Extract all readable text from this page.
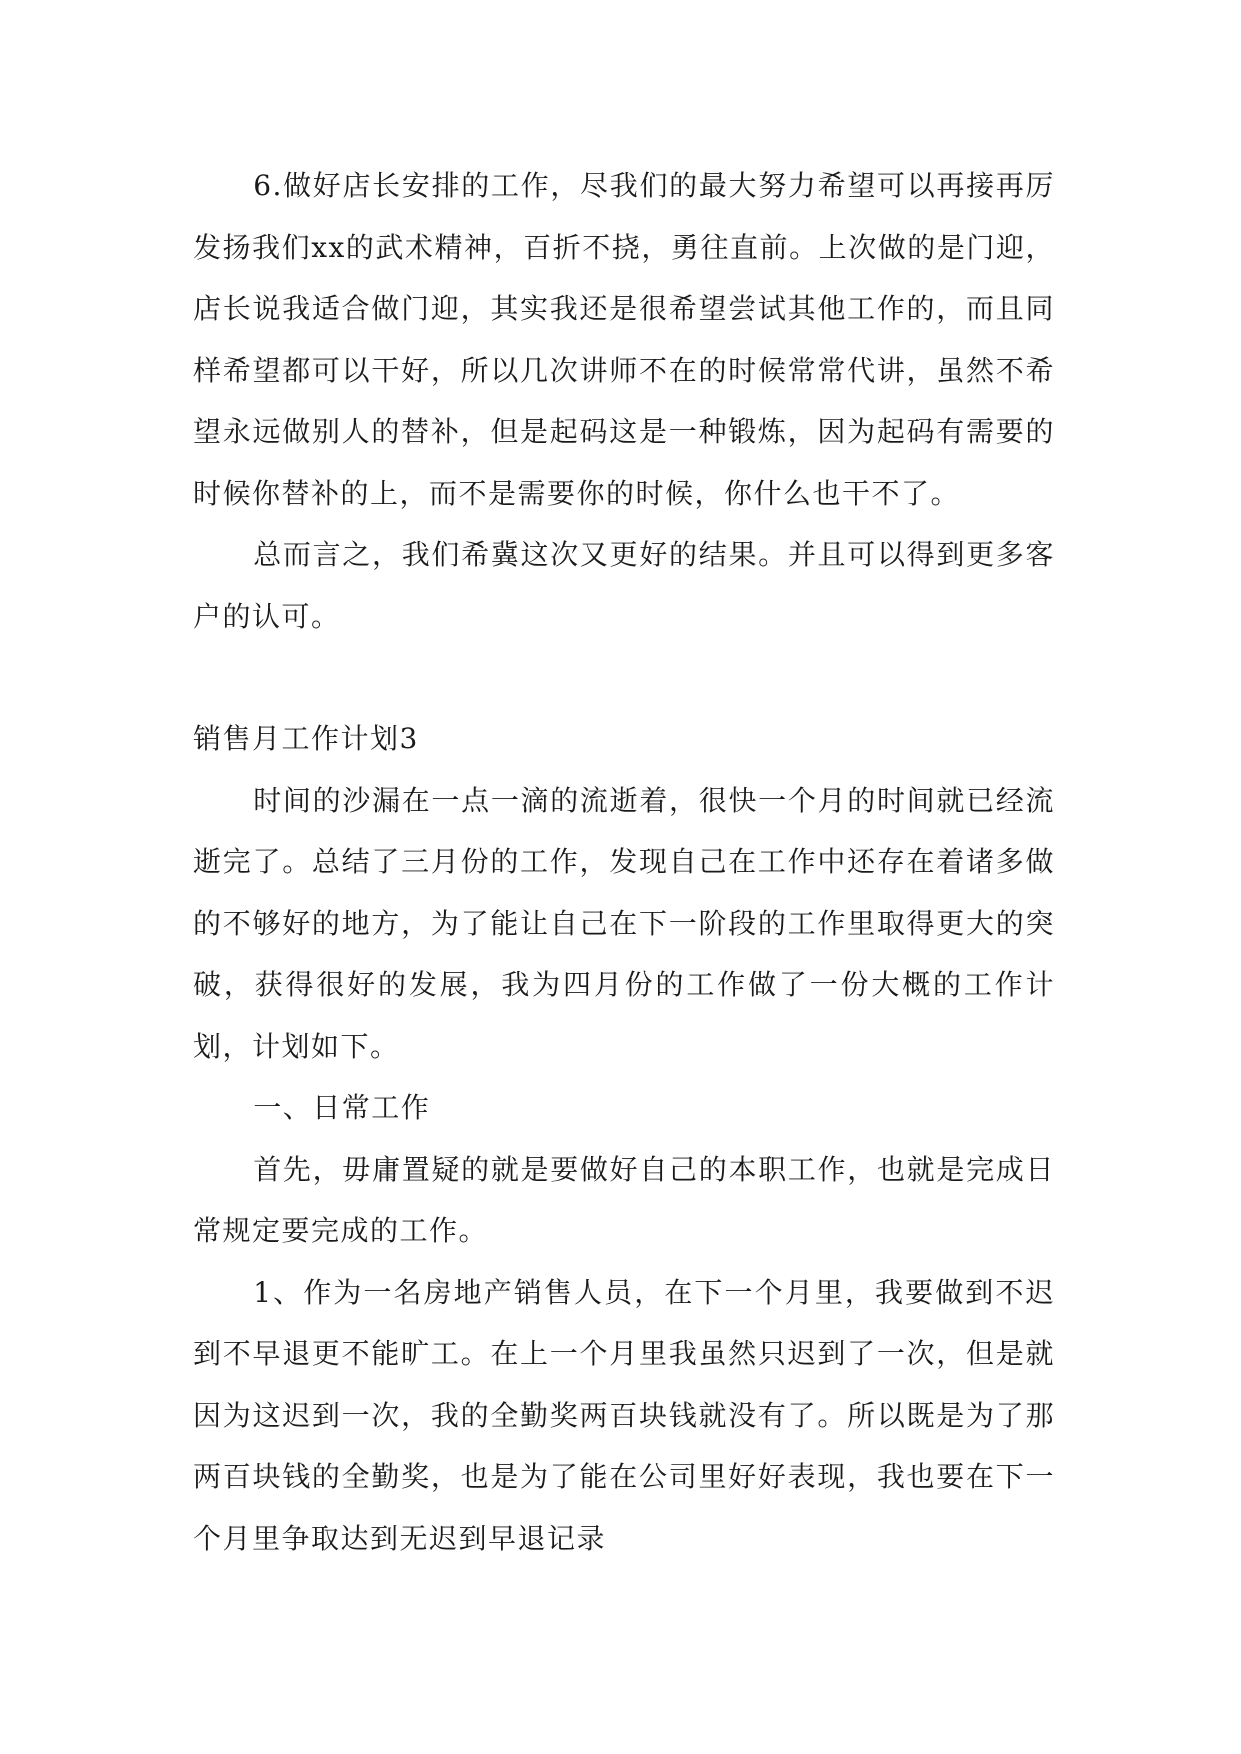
6.做好店长安排的工作，尽我们的最大努力希望可以再接再厉发扬我们xx的武术精神，百折不挠，勇往直前。上次做的是门迎，店长说我适合做门迎，其实我还是很希望尝试其他工作的，而且同样希望都可以干好，所以几次讲师不在的时候常常代讲，虽然不希望永远做别人的替补，但是起码这是一种锻炼，因为起码有需要的时候你替补的上，而不是需要你的时候，你什么也干不了。

总而言之，我们希冀这次又更好的结果。并且可以得到更多客户的认可。

销售月工作计划3

时间的沙漏在一点一滴的流逝着，很快一个月的时间就已经流逝完了。总结了三月份的工作，发现自己在工作中还存在着诸多做的不够好的地方，为了能让自己在下一阶段的工作里取得更大的突破，获得很好的发展，我为四月份的工作做了一份大概的工作计划，计划如下。

一、日常工作

首先，毋庸置疑的就是要做好自己的本职工作，也就是完成日常规定要完成的工作。

1、作为一名房地产销售人员，在下一个月里，我要做到不迟到不早退更不能旷工。在上一个月里我虽然只迟到了一次，但是就因为这迟到一次，我的全勤奖两百块钱就没有了。所以既是为了那两百块钱的全勤奖，也是为了能在公司里好好表现，我也要在下一个月里争取达到无迟到早退记录
